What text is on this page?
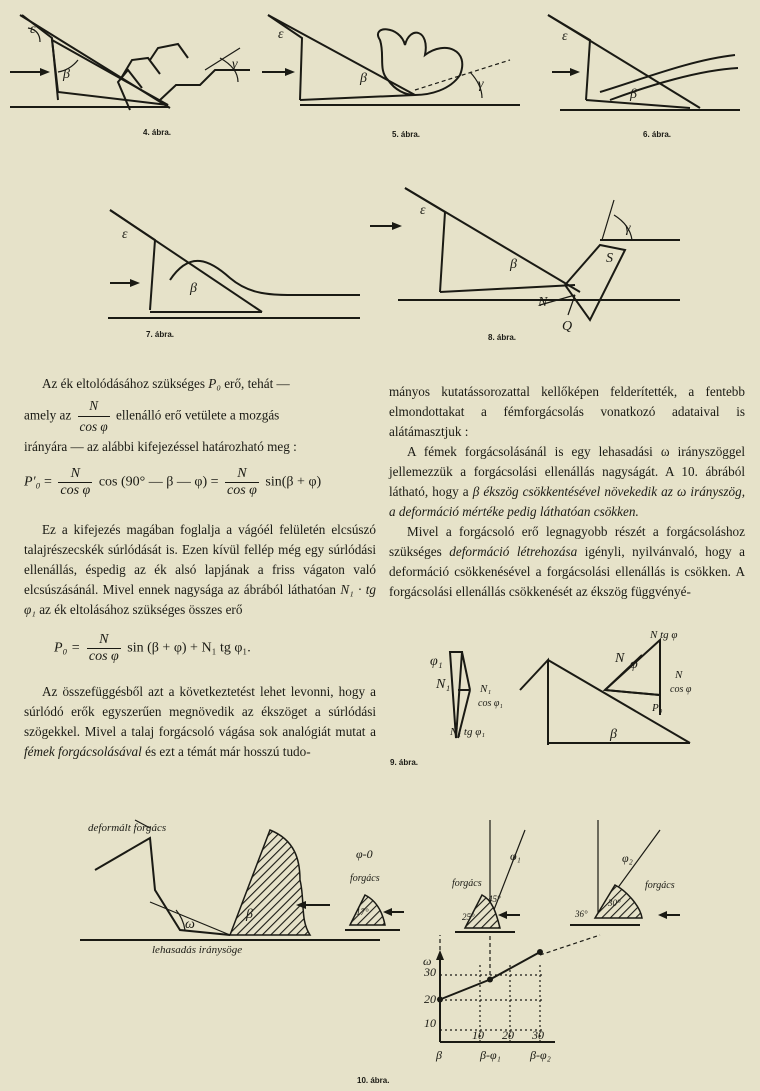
ε
β
γ
ε
β	γ
ε
β
ε
β
ε
β
γ
S
N
Q
φ₁
N₁	N₁
cos φ₁
N₁ tg φ₁
N tg φ
N φ
N
cos φ
P₀
β
β
ω
17°
φ-0
25°
45°
φ₁
36°
30°
φ₂
4. ábra.	5. ábra.	6. ábra.
7. ábra.	8. ábra.
9. ábra.
10. ábra.
deformált forgács
forgács	forgács	forgács
lehasadás iránysöge
ω
30
20
10
10 20 30
β	β-φ₁ β-φ₂

Az ék eltolódásához szükséges P₀ erő, tehát —

amely az $\frac{N}{\text{cos φ}}$ ellenálló erő vetülete a mozgás

irányára — az alábbi kifejezéssel határozható meg :

$P'_0 = \frac{N}{\text{cos φ}}$ cos (90° — β — $\varphi) = \frac{N}{\text{cos φ}} \sin(\beta + \varphi)$

Ez a kifejezés magában foglalja a vágóél felületén elcsúszó talajrészecskék súrlódását is. Ezen kívül fellép még egy súrlódási ellenállás, éspedig az ék alsó lapjának a friss vágaton való elcsúszásánál. Mivel ennek nagysága az ábrából láthatóan N₁ · tg φ₁ az ék eltolásához szükséges összes erő

$P_0 = \frac{N}{\text{cos φ}}$ sin (β + φ) + N₁ tg φ₁.

Az összefüggésből azt a következtetést lehet levonni, hogy a súrlódó erők egyszerűen megnövedik az ékszöget a súrlódási szögekkel. Mivel a talaj forgácsoló vágása sok analógiát mutat a fémek forgácsolásával és ezt a témát már hosszú tudo-

mányos kutatássorozattal kellőképen felderítették, a fentebb elmondottakat a fémforgácsolás vonatkozó adataival is alátámasztjuk :

A fémek forgácsolásánál is egy lehasadási ω irányszöggel jellemezzük a forgácsolási ellenállás nagyságát. A 10. ábrából látható, hogy a β ékszög csökkentésével növekedik az ω irányszög, a deformáció mértéke pedig láthatóan csökken.

Mivel a forgácsoló erő legnagyobb részét a forgácsoláshoz szükséges deformáció létrehozása igényli, nyilvánvaló, hogy a deformáció csökkenésével a forgácsolási ellenállás is csökken. A forgácsolási ellenállás csökkenését az ékszög függvényé-
